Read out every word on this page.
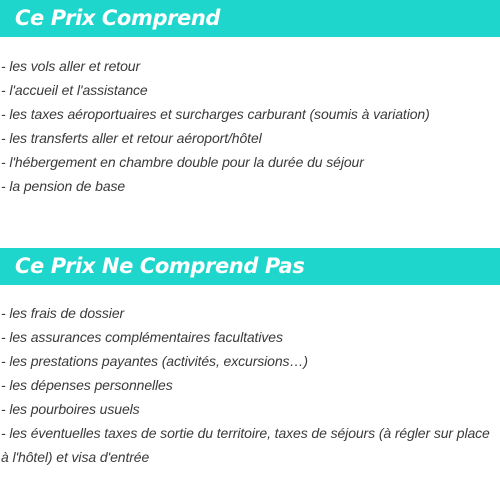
Ce Prix Comprend
- les vols aller et retour
- l'accueil et l'assistance
- les taxes aéroportuaires et surcharges carburant (soumis à variation)
- les transferts aller et retour aéroport/hôtel
- l'hébergement en chambre double pour la durée du séjour
- la pension de base
Ce Prix Ne Comprend Pas
- les frais de dossier
- les assurances complémentaires facultatives
- les prestations payantes (activités, excursions…)
- les dépenses personnelles
- les pourboires usuels
- les éventuelles taxes de sortie du territoire, taxes de séjours (à régler sur place à l'hôtel) et visa d'entrée
